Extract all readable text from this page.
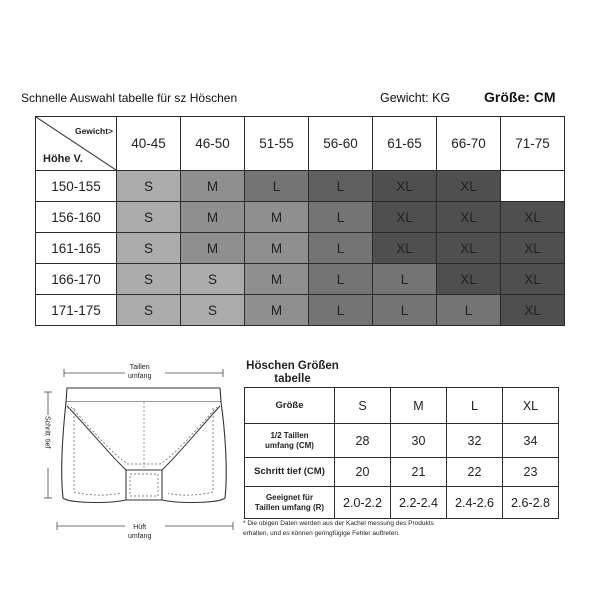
Schnelle Auswahl tabelle für sz Höschen	Gewicht: KG Größe: CM
Gewicht>
Höhe V.	40-45	46-50	51-55	56-60	61-65	66-70	71-75
150-155	S	M	L	L	XL	XL	
156-160	S	M	M	L	XL	XL	XL
161-165	S	M	M	L	XL	XL	XL
166-170	S	S	M	L	L	XL	XL
171-175	S	S	M	L	L	L	XL
Taillen
umfang
Hüft
umfang
Schritt tief
Höschen Größen
tabelle
Größe	S	M	L	XL

1/2 Taillen
umfang (CM)	28	30	32	34

Schritt tief (CM)	20	21	22	23

Geeignet für
Taillen umfang (R)	2.0-2.2	2.2-2.4	2.4-2.6	2.6-2.8
* Die obigen Daten werden aus der Kachel messung des Produkts
erhalten, und es können geringfügige Fehler auftreten.
